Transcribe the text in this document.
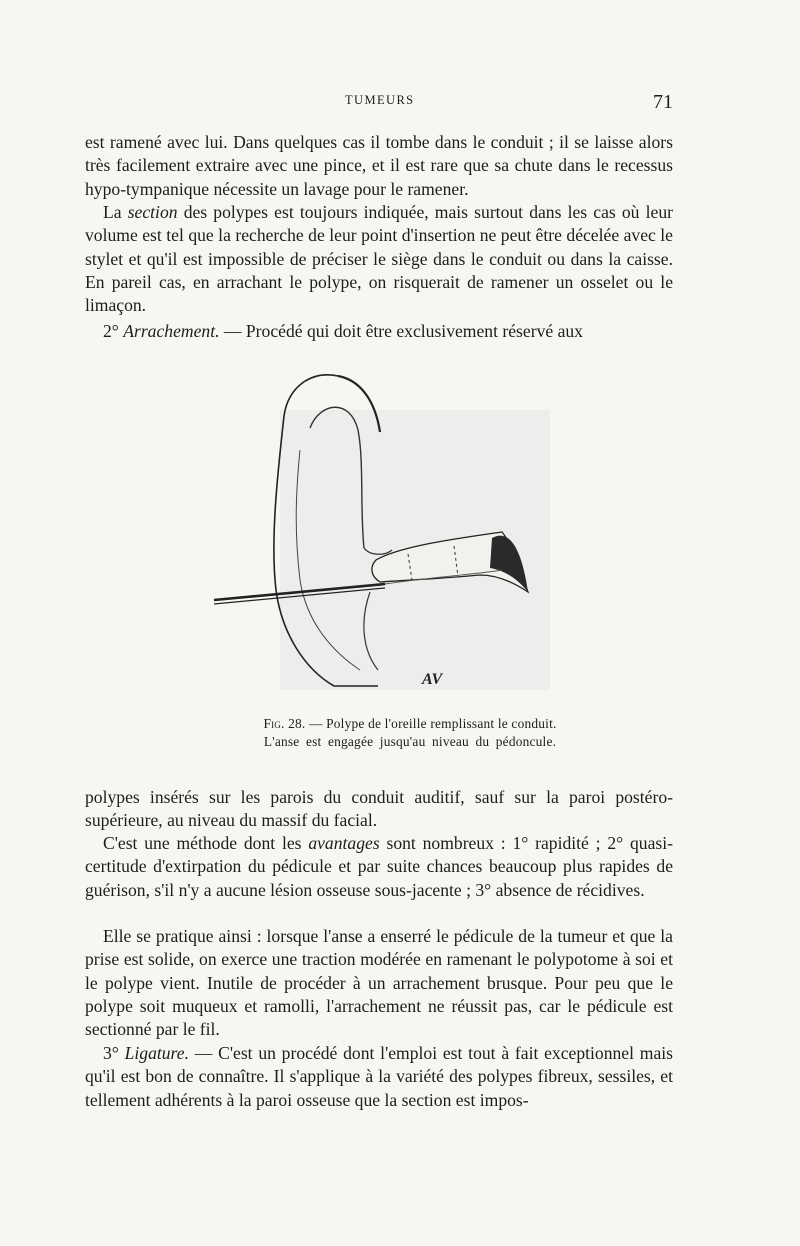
TUMEURS	71

est ramené avec lui. Dans quelques cas il tombe dans le conduit ; il se laisse alors très facilement extraire avec une pince, et il est rare que sa chute dans le recessus hypo-tympanique nécessite un lavage pour le ramener.

La section des polypes est toujours indiquée, mais surtout dans les cas où leur volume est tel que la recherche de leur point d'insertion ne peut être décelée avec le stylet et qu'il est impossible de préciser le siège dans le conduit ou dans la caisse. En pareil cas, en arrachant le polype, on risquerait de ramener un osselet ou le limaçon.

2° Arrachement. — Procédé qui doit être exclusivement réservé aux

AV
Fig. 28. — Polype de l'oreille remplissant le conduit.
L'anse est engagée jusqu'au niveau du pédoncule.

polypes insérés sur les parois du conduit auditif, sauf sur la paroi postéro-supérieure, au niveau du massif du facial.

C'est une méthode dont les avantages sont nombreux : 1° rapidité ; 2° quasi-certitude d'extirpation du pédicule et par suite chances beaucoup plus rapides de guérison, s'il n'y a aucune lésion osseuse sous-jacente ; 3° absence de récidives.

Elle se pratique ainsi : lorsque l'anse a enserré le pédicule de la tumeur et que la prise est solide, on exerce une traction modérée en ramenant le polypotome à soi et le polype vient. Inutile de procéder à un arrachement brusque. Pour peu que le polype soit muqueux et ramolli, l'arrachement ne réussit pas, car le pédicule est sectionné par le fil.

3° Ligature. — C'est un procédé dont l'emploi est tout à fait exceptionnel mais qu'il est bon de connaître. Il s'applique à la variété des polypes fibreux, sessiles, et tellement adhérents à la paroi osseuse que la section est impos-
